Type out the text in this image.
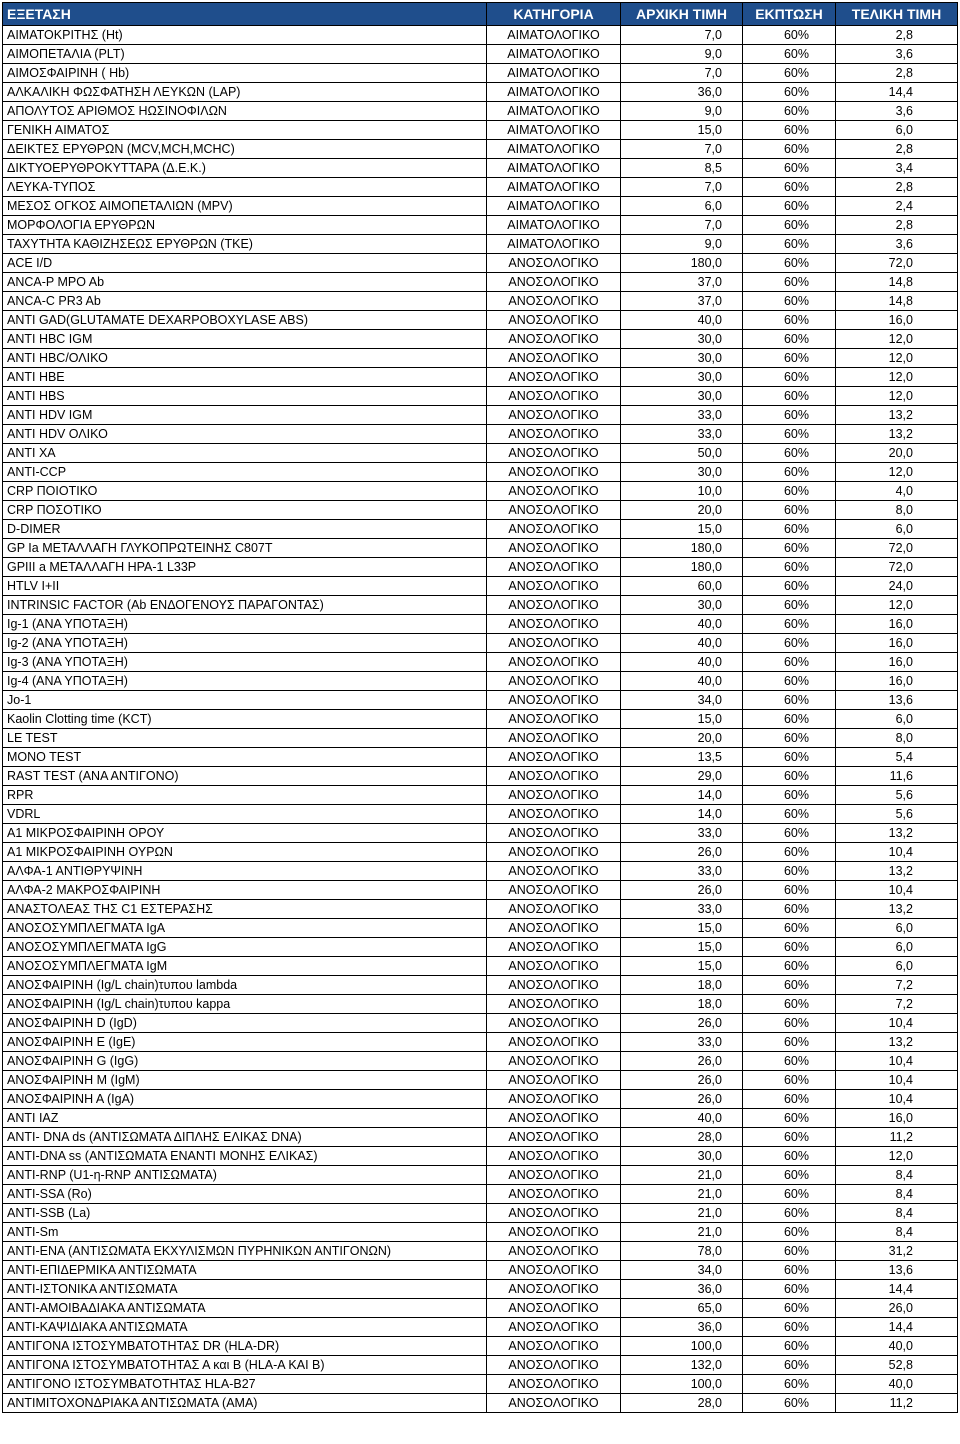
ΕΞΕΤΑΣΗ	ΚΑΤΗΓΟΡΙΑ	ΑΡΧΙΚΗ ΤΙΜΗ	ΕΚΠΤΩΣΗ	ΤΕΛΙΚΗ ΤΙΜΗ
ΑΙΜΑΤΟΚΡΙΤΗΣ (Ht)	ΑΙΜΑΤΟΛΟΓΙΚΟ	7,0	60%	2,8
ΑΙΜΟΠΕΤΑΛΙΑ (PLT)	ΑΙΜΑΤΟΛΟΓΙΚΟ	9,0	60%	3,6
ΑΙΜΟΣΦΑΙΡΙΝΗ ( Hb)	ΑΙΜΑΤΟΛΟΓΙΚΟ	7,0	60%	2,8
ΑΛΚΑΛΙΚΗ ΦΩΣΦΑΤΗΣΗ ΛΕΥΚΩΝ (LAP)	ΑΙΜΑΤΟΛΟΓΙΚΟ	36,0	60%	14,4
ΑΠΟΛΥΤΟΣ ΑΡΙΘΜΟΣ ΗΩΣΙΝΟΦΙΛΩΝ	ΑΙΜΑΤΟΛΟΓΙΚΟ	9,0	60%	3,6
ΓΕΝΙΚΗ ΑΙΜΑΤΟΣ	ΑΙΜΑΤΟΛΟΓΙΚΟ	15,0	60%	6,0
ΔΕΙΚΤΕΣ ΕΡΥΘΡΩΝ (MCV,MCH,MCHC)	ΑΙΜΑΤΟΛΟΓΙΚΟ	7,0	60%	2,8
ΔΙΚΤΥΟΕΡΥΘΡΟΚΥΤΤΑΡΑ (Δ.Ε.Κ.)	ΑΙΜΑΤΟΛΟΓΙΚΟ	8,5	60%	3,4
ΛΕΥΚΑ-ΤΥΠΟΣ	ΑΙΜΑΤΟΛΟΓΙΚΟ	7,0	60%	2,8
ΜΕΣΟΣ ΟΓΚΟΣ ΑΙΜΟΠΕΤΑΛΙΩΝ (MPV)	ΑΙΜΑΤΟΛΟΓΙΚΟ	6,0	60%	2,4
ΜΟΡΦΟΛΟΓΙΑ ΕΡΥΘΡΩΝ	ΑΙΜΑΤΟΛΟΓΙΚΟ	7,0	60%	2,8
ΤΑΧΥΤΗΤΑ ΚΑΘΙΖΗΣΕΩΣ ΕΡΥΘΡΩΝ (ΤΚΕ)	ΑΙΜΑΤΟΛΟΓΙΚΟ	9,0	60%	3,6
ACE I/D	ΑΝΟΣΟΛΟΓΙΚΟ	180,0	60%	72,0
ANCA-P MPO Ab	ΑΝΟΣΟΛΟΓΙΚΟ	37,0	60%	14,8
ANCA-C PR3 Ab	ΑΝΟΣΟΛΟΓΙΚΟ	37,0	60%	14,8
ANTI GAD(GLUTAMATE DEXARPOBOXYLASE ABS)	ΑΝΟΣΟΛΟΓΙΚΟ	40,0	60%	16,0
ANTI HBC IGM	ΑΝΟΣΟΛΟΓΙΚΟ	30,0	60%	12,0
ANTI HBC/ΟΛΙΚΟ	ΑΝΟΣΟΛΟΓΙΚΟ	30,0	60%	12,0
ANTI HBE	ΑΝΟΣΟΛΟΓΙΚΟ	30,0	60%	12,0
ANTI HBS	ΑΝΟΣΟΛΟΓΙΚΟ	30,0	60%	12,0
ANTI HDV IGM	ΑΝΟΣΟΛΟΓΙΚΟ	33,0	60%	13,2
ANTI HDV ΟΛΙΚΟ	ΑΝΟΣΟΛΟΓΙΚΟ	33,0	60%	13,2
ANTI XA	ΑΝΟΣΟΛΟΓΙΚΟ	50,0	60%	20,0
ANTI-CCP	ΑΝΟΣΟΛΟΓΙΚΟ	30,0	60%	12,0
CRP ΠΟΙΟΤΙΚΟ	ΑΝΟΣΟΛΟΓΙΚΟ	10,0	60%	4,0
CRP ΠΟΣΟΤΙΚΟ	ΑΝΟΣΟΛΟΓΙΚΟ	20,0	60%	8,0
D-DIMER	ΑΝΟΣΟΛΟΓΙΚΟ	15,0	60%	6,0
GP Ia ΜΕΤΑΛΛΑΓΗ ΓΛΥΚΟΠΡΩΤΕΙΝΗΣ C807T	ΑΝΟΣΟΛΟΓΙΚΟ	180,0	60%	72,0
GPIII a ΜΕΤΑΛΛΑΓΗ HPA-1 L33P	ΑΝΟΣΟΛΟΓΙΚΟ	180,0	60%	72,0
HTLV I+II	ΑΝΟΣΟΛΟΓΙΚΟ	60,0	60%	24,0
INTRINSIC FACTOR (Ab ΕΝΔΟΓΕΝΟΥΣ ΠΑΡΑΓΟΝΤΑΣ)	ΑΝΟΣΟΛΟΓΙΚΟ	30,0	60%	12,0
Ig-1 (ΑΝΑ ΥΠΟΤΑΞΗ)	ΑΝΟΣΟΛΟΓΙΚΟ	40,0	60%	16,0
Ig-2 (ΑΝΑ ΥΠΟΤΑΞΗ)	ΑΝΟΣΟΛΟΓΙΚΟ	40,0	60%	16,0
Ig-3 (ΑΝΑ ΥΠΟΤΑΞΗ)	ΑΝΟΣΟΛΟΓΙΚΟ	40,0	60%	16,0
Ig-4 (ΑΝΑ ΥΠΟΤΑΞΗ)	ΑΝΟΣΟΛΟΓΙΚΟ	40,0	60%	16,0
Jo-1	ΑΝΟΣΟΛΟΓΙΚΟ	34,0	60%	13,6
Kaolin Clotting time (KCT)	ΑΝΟΣΟΛΟΓΙΚΟ	15,0	60%	6,0
LE TEST	ΑΝΟΣΟΛΟΓΙΚΟ	20,0	60%	8,0
MONO TEST	ΑΝΟΣΟΛΟΓΙΚΟ	13,5	60%	5,4
RAST TEST (ΑΝΑ ΑΝΤΙΓΟΝΟ)	ΑΝΟΣΟΛΟΓΙΚΟ	29,0	60%	11,6
RPR	ΑΝΟΣΟΛΟΓΙΚΟ	14,0	60%	5,6
VDRL	ΑΝΟΣΟΛΟΓΙΚΟ	14,0	60%	5,6
Α1 ΜΙΚΡΟΣΦΑΙΡΙΝΗ ΟΡΟΥ	ΑΝΟΣΟΛΟΓΙΚΟ	33,0	60%	13,2
Α1 ΜΙΚΡΟΣΦΑΙΡΙΝΗ ΟΥΡΩΝ	ΑΝΟΣΟΛΟΓΙΚΟ	26,0	60%	10,4
ΑΛΦΑ-1 ΑΝΤΙΘΡΥΨΙΝΗ	ΑΝΟΣΟΛΟΓΙΚΟ	33,0	60%	13,2
ΑΛΦΑ-2 ΜΑΚΡΟΣΦΑΙΡΙΝΗ	ΑΝΟΣΟΛΟΓΙΚΟ	26,0	60%	10,4
ΑΝΑΣΤΟΛΕΑΣ ΤΗΣ C1 ΕΣΤΕΡΑΣΗΣ	ΑΝΟΣΟΛΟΓΙΚΟ	33,0	60%	13,2
ΑΝΟΣΟΣΥΜΠΛΕΓΜΑΤΑ IgA	ΑΝΟΣΟΛΟΓΙΚΟ	15,0	60%	6,0
ΑΝΟΣΟΣΥΜΠΛΕΓΜΑΤΑ IgG	ΑΝΟΣΟΛΟΓΙΚΟ	15,0	60%	6,0
ΑΝΟΣΟΣΥΜΠΛΕΓΜΑΤΑ IgM	ΑΝΟΣΟΛΟΓΙΚΟ	15,0	60%	6,0
ΑΝΟΣΦΑΙΡΙΝΗ (Ig/L chain)τυπου lambda	ΑΝΟΣΟΛΟΓΙΚΟ	18,0	60%	7,2
ΑΝΟΣΦΑΙΡΙΝΗ (Ig/L chain)τυπου kappa	ΑΝΟΣΟΛΟΓΙΚΟ	18,0	60%	7,2
ΑΝΟΣΦΑΙΡΙΝΗ D (IgD)	ΑΝΟΣΟΛΟΓΙΚΟ	26,0	60%	10,4
ΑΝΟΣΦΑΙΡΙΝΗ Ε (IgE)	ΑΝΟΣΟΛΟΓΙΚΟ	33,0	60%	13,2
ΑΝΟΣΦΑΙΡΙΝΗ G (IgG)	ΑΝΟΣΟΛΟΓΙΚΟ	26,0	60%	10,4
ΑΝΟΣΦΑΙΡΙΝΗ Μ (IgM)	ΑΝΟΣΟΛΟΓΙΚΟ	26,0	60%	10,4
ΑΝΟΣΦΑΙΡΙΝΗ Α (IgA)	ΑΝΟΣΟΛΟΓΙΚΟ	26,0	60%	10,4
ΑΝΤΙ IAZ	ΑΝΟΣΟΛΟΓΙΚΟ	40,0	60%	16,0
ANTI- DNA ds (ΑΝΤΙΣΩΜΑΤΑ ΔΙΠΛΗΣ ΕΛΙΚΑΣ DNA)	ΑΝΟΣΟΛΟΓΙΚΟ	28,0	60%	11,2
ANTI-DNA ss (ΑΝΤΙΣΩΜΑΤΑ ΕΝΑΝΤΙ ΜΟΝΗΣ ΕΛΙΚΑΣ)	ΑΝΟΣΟΛΟΓΙΚΟ	30,0	60%	12,0
ANTI-RNP (U1-η-RNP ΑΝΤΙΣΩΜΑΤΑ)	ΑΝΟΣΟΛΟΓΙΚΟ	21,0	60%	8,4
ANTI-SSA (Ro)	ΑΝΟΣΟΛΟΓΙΚΟ	21,0	60%	8,4
ANTI-SSB (La)	ΑΝΟΣΟΛΟΓΙΚΟ	21,0	60%	8,4
ANTI-Sm	ΑΝΟΣΟΛΟΓΙΚΟ	21,0	60%	8,4
ΑΝΤΙ-ΕΝΑ (ΑΝΤΙΣΩΜΑΤΑ ΕΚΧΥΛΙΣΜΩΝ ΠΥΡΗΝΙΚΩΝ ΑΝΤΙΓΟΝΩΝ)	ΑΝΟΣΟΛΟΓΙΚΟ	78,0	60%	31,2
ΑΝΤΙ-ΕΠΙΔΕΡΜΙΚΑ ΑΝΤΙΣΩΜΑΤΑ	ΑΝΟΣΟΛΟΓΙΚΟ	34,0	60%	13,6
ΑΝΤΙ-ΙΣΤΟΝΙΚΑ ΑΝΤΙΣΩΜΑΤΑ	ΑΝΟΣΟΛΟΓΙΚΟ	36,0	60%	14,4
ΑΝΤΙ-ΑΜΟΙΒΑΔΙΑΚΑ ΑΝΤΙΣΩΜΑΤΑ	ΑΝΟΣΟΛΟΓΙΚΟ	65,0	60%	26,0
ΑΝΤΙ-ΚΑΨΙΔΙΑΚΑ ΑΝΤΙΣΩΜΑΤΑ	ΑΝΟΣΟΛΟΓΙΚΟ	36,0	60%	14,4
ΑΝΤΙΓΟΝΑ ΙΣΤΟΣΥΜΒΑΤΟΤΗΤΑΣ DR (HLA-DR)	ΑΝΟΣΟΛΟΓΙΚΟ	100,0	60%	40,0
ΑΝΤΙΓΟΝΑ ΙΣΤΟΣΥΜΒΑΤΟΤΗΤΑΣ Α και Β (HLA-A ΚΑΙ Β)	ΑΝΟΣΟΛΟΓΙΚΟ	132,0	60%	52,8
ΑΝΤΙΓΟΝΟ ΙΣΤΟΣΥΜΒΑΤΟΤΗΤΑΣ HLA-B27	ΑΝΟΣΟΛΟΓΙΚΟ	100,0	60%	40,0
ΑΝΤΙΜΙΤΟΧΟΝΔΡΙΑΚΑ ΑΝΤΙΣΩΜΑΤΑ (ΑΜΑ)	ΑΝΟΣΟΛΟΓΙΚΟ	28,0	60%	11,2
